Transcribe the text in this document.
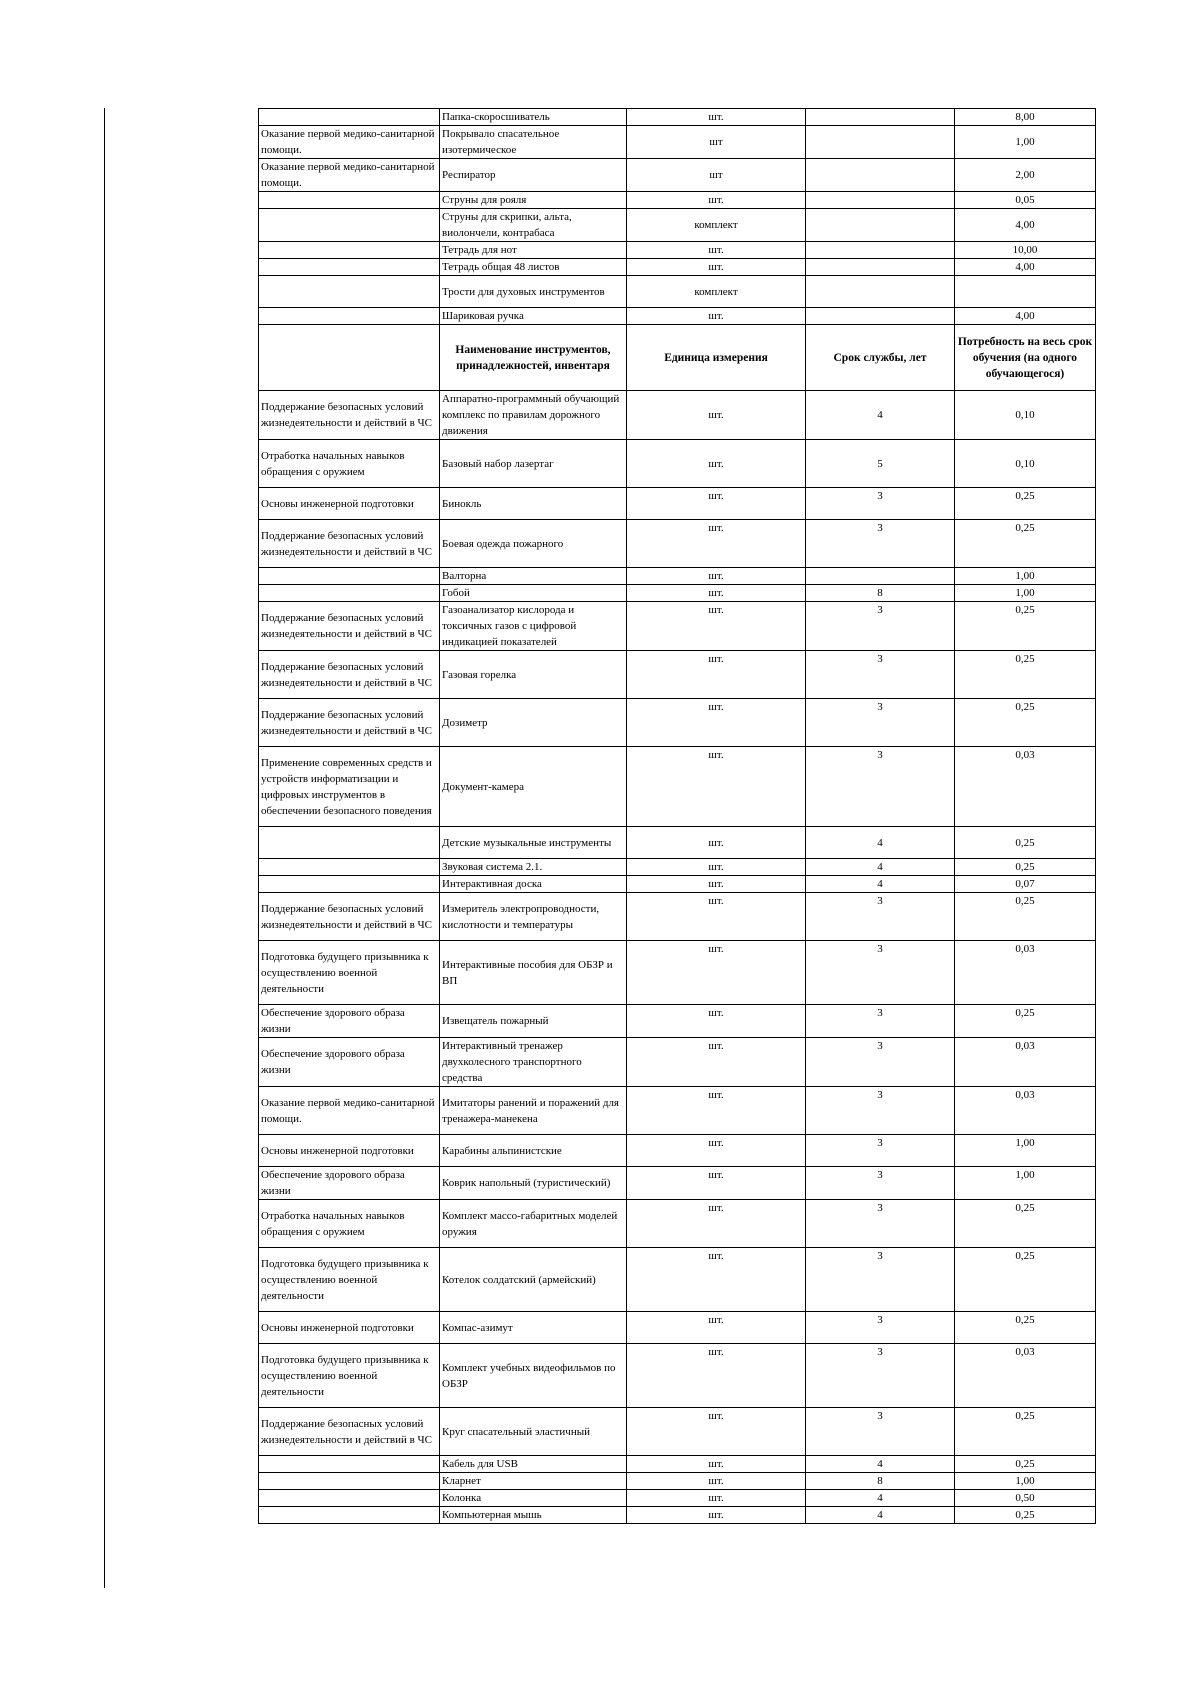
	Папка-скоросшиватель	шт.		8,00
Оказание первой медико-санитарной помощи.	Покрывало спасательное изотермическое	шт		1,00
Оказание первой медико-санитарной помощи.	Респиратор	шт		2,00
	Струны для рояля	шт.		0,05
	Струны для скрипки, альта, виолончели, контрабаса	комплект		4,00
	Тетрадь для нот	шт.		10,00
	Тетрадь общая 48 листов	шт.		4,00
	Трости для духовых инструментов	комплект		
	Шариковая ручка	шт.		4,00
	Наименование инструментов, принадлежностей, инвентаря	Единица измерения	Срок службы, лет	Потребность на весь срок обучения (на одного обучающегося)
Поддержание безопасных условий жизнедеятельности и действий в ЧС	Аппаратно-программный обучающий комплекс по правилам дорожного движения	шт.	4	0,10
Отработка начальных навыков обращения с оружием	Базовый набор лазертаг	шт.	5	0,10
Основы инженерной подготовки	Бинокль	шт.	3	0,25
Поддержание безопасных условий жизнедеятельности и действий в ЧС	Боевая одежда пожарного	шт.	3	0,25
	Валторна	шт.		1,00
	Гобой	шт.	8	1,00
Поддержание безопасных условий жизнедеятельности и действий в ЧС	Газоанализатор кислорода и токсичных газов с цифровой индикацией показателей	шт.	3	0,25
Поддержание безопасных условий жизнедеятельности и действий в ЧС	Газовая горелка	шт.	3	0,25
Поддержание безопасных условий жизнедеятельности и действий в ЧС	Дозиметр	шт.	3	0,25
Применение современных средств и устройств информатизации и цифровых инструментов в обеспечении безопасного поведения	Документ-камера	шт.	3	0,03
	Детские музыкальные инструменты	шт.	4	0,25
	Звуковая система 2.1.	шт.	4	0,25
	Интерактивная доска	шт.	4	0,07
Поддержание безопасных условий жизнедеятельности и действий в ЧС	Измеритель электропроводности, кислотности и температуры	шт.	3	0,25
Подготовка будущего призывника к осуществлению военной деятельности	Интерактивные пособия для ОБЗР и ВП	шт.	3	0,03
Обеспечение здорового образа жизни	Извещатель пожарный	шт.	3	0,25
Обеспечение здорового образа жизни	Интерактивный тренажер двухколесного транспортного средства	шт.	3	0,03
Оказание первой медико-санитарной помощи.	Имитаторы ранений и поражений для тренажера-манекена	шт.	3	0,03
Основы инженерной подготовки	Карабины альпинистские	шт.	3	1,00
Обеспечение здорового образа жизни	Коврик напольный (туристический)	шт.	3	1,00
Отработка начальных навыков обращения с оружием	Комплект массо-габаритных моделей оружия	шт.	3	0,25
Подготовка будущего призывника к осуществлению военной деятельности	Котелок солдатский (армейский)	шт.	3	0,25
Основы инженерной подготовки	Компас-азимут	шт.	3	0,25
Подготовка будущего призывника к осуществлению военной деятельности	Комплект учебных видеофильмов по ОБЗР	шт.	3	0,03
Поддержание безопасных условий жизнедеятельности и действий в ЧС	Круг спасательный эластичный	шт.	3	0,25
	Кабель для USB	шт.	4	0,25
	Кларнет	шт.	8	1,00
	Колонка	шт.	4	0,50
	Компьютерная мышь	шт.	4	0,25
